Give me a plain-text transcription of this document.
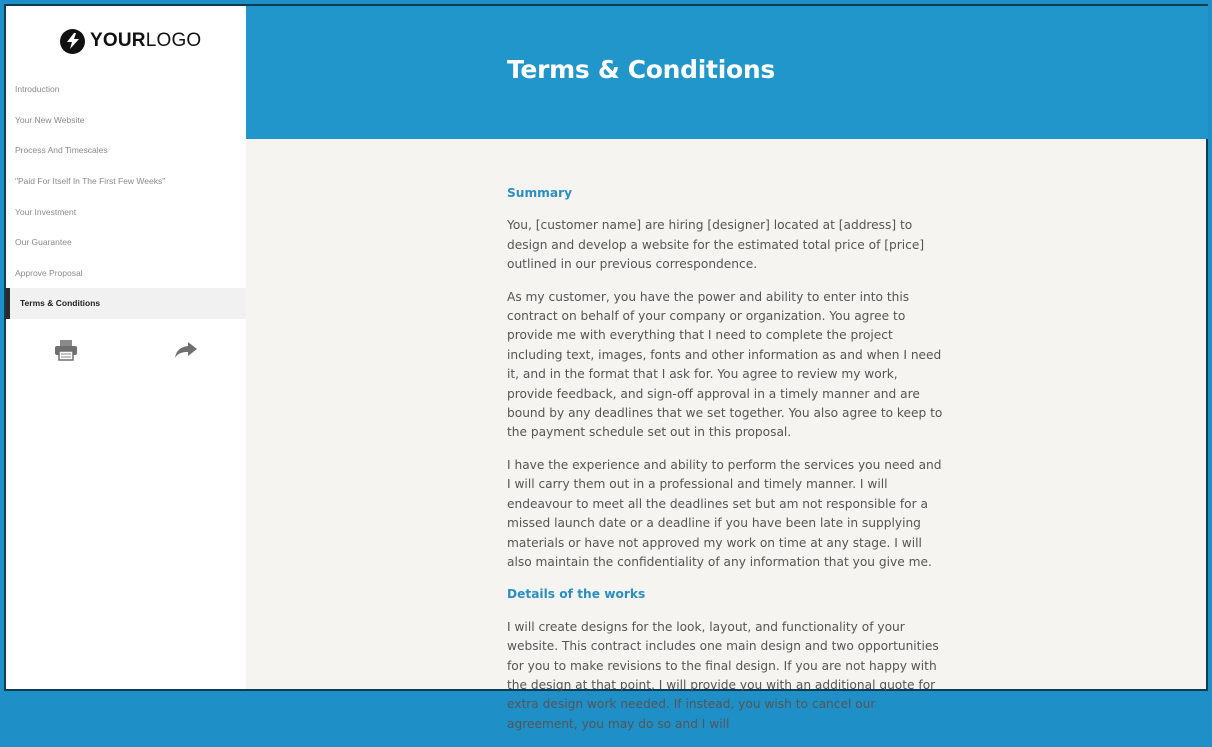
YOURLOGO
Introduction
Your New Website
Process And Timescales
"Paid For Itself In The First Few Weeks"
Your Investment
Our Guarantee
Approve Proposal
Terms & Conditions
Terms & Conditions
Summary

You, [customer name] are hiring [designer] located at [address] to design and develop a website for the estimated total price of [price] outlined in our previous correspondence.

As my customer, you have the power and ability to enter into this contract on behalf of your company or organization. You agree to provide me with everything that I need to complete the project including text, images, fonts and other information as and when I need it, and in the format that I ask for. You agree to review my work, provide feedback, and sign-off approval in a timely manner and are bound by any deadlines that we set together. You also agree to keep to the payment schedule set out in this proposal.

I have the experience and ability to perform the services you need and I will carry them out in a professional and timely manner. I will endeavour to meet all the deadlines set but am not responsible for a missed launch date or a deadline if you have been late in supplying materials or have not approved my work on time at any stage. I will also maintain the confidentiality of any information that you give me.

Details of the works

I will create designs for the look, layout, and functionality of your website. This contract includes one main design and two opportunities for you to make revisions to the final design. If you are not happy with the design at that point, I will provide you with an additional quote for extra design work needed. If instead, you wish to cancel our agreement, you may do so and I will
